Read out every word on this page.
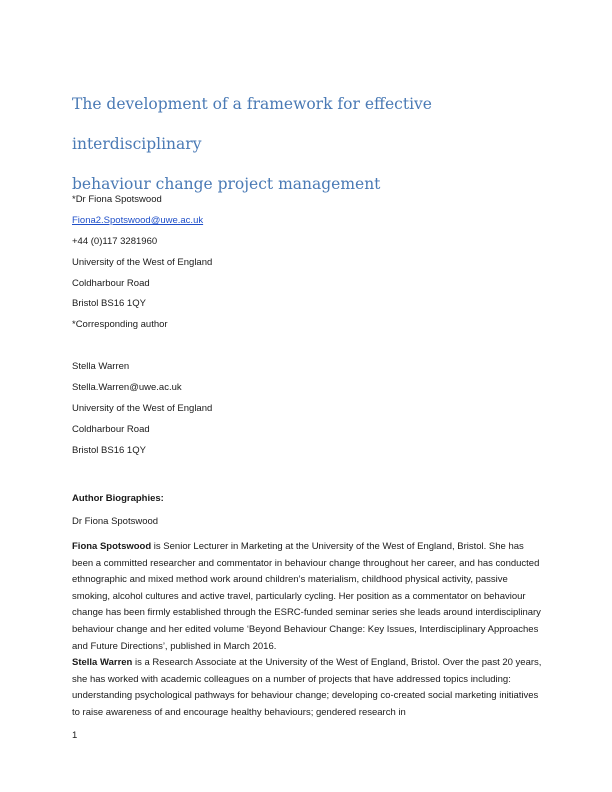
The development of a framework for effective interdisciplinary
behaviour change project management
*Dr Fiona Spotswood
Fiona2.Spotswood@uwe.ac.uk
+44 (0)117 3281960
University of the West of England
Coldharbour Road
Bristol BS16 1QY
*Corresponding author
Stella Warren
Stella.Warren@uwe.ac.uk
University of the West of England
Coldharbour Road
Bristol BS16 1QY
Author Biographies:
Dr Fiona Spotswood

Fiona Spotswood is Senior Lecturer in Marketing at the University of the West of England, Bristol. She has been a committed researcher and commentator in behaviour change throughout her career, and has conducted ethnographic and mixed method work around children’s materialism, childhood physical activity, passive smoking, alcohol cultures and active travel, particularly cycling. Her position as a commentator on behaviour change has been firmly established through the ESRC-funded seminar series she leads around interdisciplinary behaviour change and her edited volume ‘Beyond Behaviour Change: Key Issues, Interdisciplinary Approaches and Future Directions’, published in March 2016.

Stella Warren is a Research Associate at the University of the West of England, Bristol. Over the past 20 years, she has worked with academic colleagues on a number of projects that have addressed topics including: understanding psychological pathways for behaviour change; developing co-created social marketing initiatives to raise awareness of and encourage healthy behaviours; gendered research in

1
